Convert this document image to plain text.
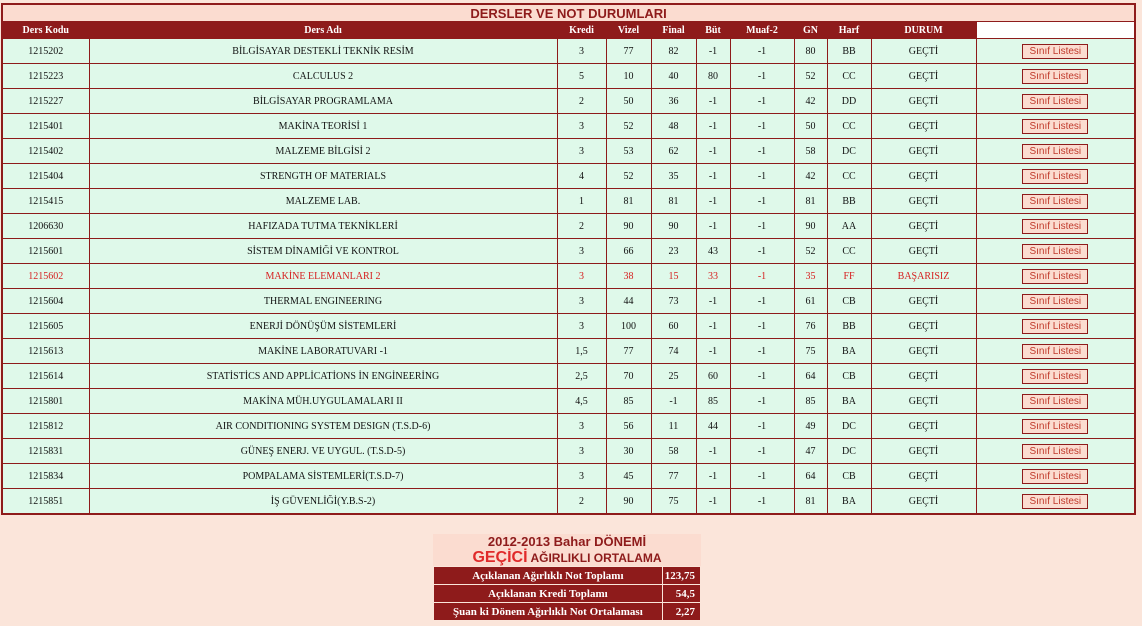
DERSLER VE NOT DURUMLARI										
Ders Kodu	Ders Adı	Kredi	Vizel	Final	Büt	Muaf-2	GN	Harf	DURUM	
1215202	BİLGİSAYAR DESTEKLİ TEKNİK RESİM	3	77	82	-1	-1	80	BB	GEÇTİ	Sınıf Listesi
1215223	CALCULUS 2	5	10	40	80	-1	52	CC	GEÇTİ	Sınıf Listesi
1215227	BİLGİSAYAR PROGRAMLAMA	2	50	36	-1	-1	42	DD	GEÇTİ	Sınıf Listesi
1215401	MAKİNA TEORİSİ 1	3	52	48	-1	-1	50	CC	GEÇTİ	Sınıf Listesi
1215402	MALZEME BİLGİSİ 2	3	53	62	-1	-1	58	DC	GEÇTİ	Sınıf Listesi
1215404	STRENGTH OF MATERIALS	4	52	35	-1	-1	42	CC	GEÇTİ	Sınıf Listesi
1215415	MALZEME LAB.	1	81	81	-1	-1	81	BB	GEÇTİ	Sınıf Listesi
1206630	HAFIZADA TUTMA TEKNİKLERİ	2	90	90	-1	-1	90	AA	GEÇTİ	Sınıf Listesi
1215601	SİSTEM DİNAMİĞİ VE KONTROL	3	66	23	43	-1	52	CC	GEÇTİ	Sınıf Listesi
1215602	MAKİNE ELEMANLARI 2	3	38	15	33	-1	35	FF	BAŞARISIZ	Sınıf Listesi
1215604	THERMAL ENGINEERING	3	44	73	-1	-1	61	CB	GEÇTİ	Sınıf Listesi
1215605	ENERJİ DÖNÜŞÜM SİSTEMLERİ	3	100	60	-1	-1	76	BB	GEÇTİ	Sınıf Listesi
1215613	MAKİNE LABORATUVARI -1	1,5	77	74	-1	-1	75	BA	GEÇTİ	Sınıf Listesi
1215614	STATİSTİCS AND APPLİCATİONS İN ENGİNEERİNG	2,5	70	25	60	-1	64	CB	GEÇTİ	Sınıf Listesi
1215801	MAKİNA MÜH.UYGULAMALARI II	4,5	85	-1	85	-1	85	BA	GEÇTİ	Sınıf Listesi
1215812	AIR CONDITIONING SYSTEM DESIGN (T.S.D-6)	3	56	11	44	-1	49	DC	GEÇTİ	Sınıf Listesi
1215831	GÜNEŞ ENERJ. VE UYGUL. (T.S.D-5)	3	30	58	-1	-1	47	DC	GEÇTİ	Sınıf Listesi
1215834	POMPALAMA SİSTEMLERİ(T.S.D-7)	3	45	77	-1	-1	64	CB	GEÇTİ	Sınıf Listesi
1215851	İŞ GÜVENLİĞİ(Y.B.S-2)	2	90	75	-1	-1	81	BA	GEÇTİ	Sınıf Listesi
2012-2013 Bahar DÖNEMİ
GEÇİCİ AĞIRLIKLI ORTALAMA
Açıklanan Ağırlıklı Not Toplamı	123,75
Açıklanan Kredi Toplamı	54,5
Şuan ki Dönem Ağırlıklı Not Ortalaması	2,27
